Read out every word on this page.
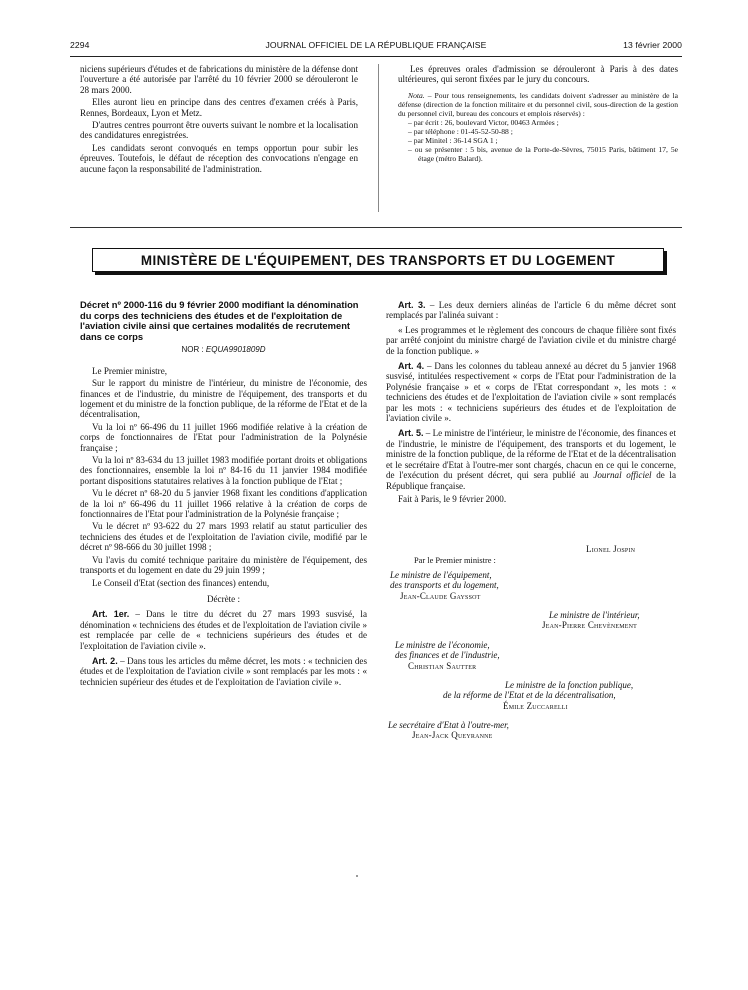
2294	JOURNAL OFFICIEL DE LA RÉPUBLIQUE FRANÇAISE	13 février 2000

niciens supérieurs d'études et de fabrications du ministère de la défense dont l'ouverture a été autorisée par l'arrêté du 10 février 2000 se dérouleront le 28 mars 2000.

Elles auront lieu en principe dans des centres d'examen créés à Paris, Rennes, Bordeaux, Lyon et Metz.

D'autres centres pourront être ouverts suivant le nombre et la localisation des candidatures enregistrées.

Les candidats seront convoqués en temps opportun pour subir les épreuves. Toutefois, le défaut de réception des convocations n'engage en aucune façon la responsabilité de l'administration.

Les épreuves orales d'admission se dérouleront à Paris à des dates ultérieures, qui seront fixées par le jury du concours.

Nota. – Pour tous renseignements, les candidats doivent s'adresser au ministère de la défense (direction de la fonction militaire et du personnel civil, sous-direction de la gestion du personnel civil, bureau des concours et emplois réservés) :

– par écrit : 26, boulevard Victor, 00463 Armées ;
– par téléphone : 01-45-52-50-88 ;
– par Minitel : 36-14 SGA 1 ;
– ou se présenter : 5 bis, avenue de la Porte-de-Sèvres, 75015 Paris, bâtiment 17, 5e étage (métro Balard).
MINISTÈRE DE L'ÉQUIPEMENT, DES TRANSPORTS ET DU LOGEMENT
Décret nº 2000-116 du 9 février 2000 modifiant la dénomination du corps des techniciens des études et de l'exploitation de l'aviation civile ainsi que certaines modalités de recrutement dans ce corps
NOR : EQUA9901809D

Le Premier ministre,

Sur le rapport du ministre de l'intérieur, du ministre de l'économie, des finances et de l'industrie, du ministre de l'équipement, des transports et du logement et du ministre de la fonction publique, de la réforme de l'Etat et de la décentralisation,

Vu la loi nº 66-496 du 11 juillet 1966 modifiée relative à la création de corps de fonctionnaires de l'Etat pour l'administration de la Polynésie française ;

Vu la loi nº 83-634 du 13 juillet 1983 modifiée portant droits et obligations des fonctionnaires, ensemble la loi nº 84-16 du 11 janvier 1984 modifiée portant dispositions statutaires relatives à la fonction publique de l'Etat ;

Vu le décret nº 68-20 du 5 janvier 1968 fixant les conditions d'application de la loi nº 66-496 du 11 juillet 1966 relative à la création de corps de fonctionnaires de l'Etat pour l'administration de la Polynésie française ;

Vu le décret nº 93-622 du 27 mars 1993 relatif au statut particulier des techniciens des études et de l'exploitation de l'aviation civile, modifié par le décret nº 98-666 du 30 juillet 1998 ;

Vu l'avis du comité technique paritaire du ministère de l'équipement, des transports et du logement en date du 29 juin 1999 ;

Le Conseil d'Etat (section des finances) entendu,

Décrète :

Art. 1er. – Dans le titre du décret du 27 mars 1993 susvisé, la dénomination « techniciens des études et de l'exploitation de l'aviation civile » est remplacée par celle de « techniciens supérieurs des études et de l'exploitation de l'aviation civile ».

Art. 2. – Dans tous les articles du même décret, les mots : « technicien des études et de l'exploitation de l'aviation civile » sont remplacés par les mots : « technicien supérieur des études et de l'exploitation de l'aviation civile ».

Art. 3. – Les deux derniers alinéas de l'article 6 du même décret sont remplacés par l'alinéa suivant :

« Les programmes et le règlement des concours de chaque filière sont fixés par arrêté conjoint du ministre chargé de l'aviation civile et du ministre chargé de la fonction publique. »

Art. 4. – Dans les colonnes du tableau annexé au décret du 5 janvier 1968 susvisé, intitulées respectivement « corps de l'Etat pour l'administration de la Polynésie française » et « corps de l'Etat correspondant », les mots : « techniciens des études et de l'exploitation de l'aviation civile » sont remplacés par les mots : « techniciens supérieurs des études et de l'exploitation de l'aviation civile ».

Art. 5. – Le ministre de l'intérieur, le ministre de l'économie, des finances et de l'industrie, le ministre de l'équipement, des transports et du logement, le ministre de la fonction publique, de la réforme de l'Etat et de la décentralisation et le secrétaire d'Etat à l'outre-mer sont chargés, chacun en ce qui le concerne, de l'exécution du présent décret, qui sera publié au Journal officiel de la République française.

Fait à Paris, le 9 février 2000.

Lionel Jospin
Par le Premier ministre :
Le ministre de l'équipement,
des transports et du logement,
Jean-Claude Gayssot
Le ministre de l'intérieur,
Jean-Pierre Chevènement
Le ministre de l'économie,
des finances et de l'industrie,
Christian Sautter
Le ministre de la fonction publique,
de la réforme de l'Etat et de la décentralisation,
Émile Zuccarelli
Le secrétaire d'Etat à l'outre-mer,
Jean-Jack Queyranne
